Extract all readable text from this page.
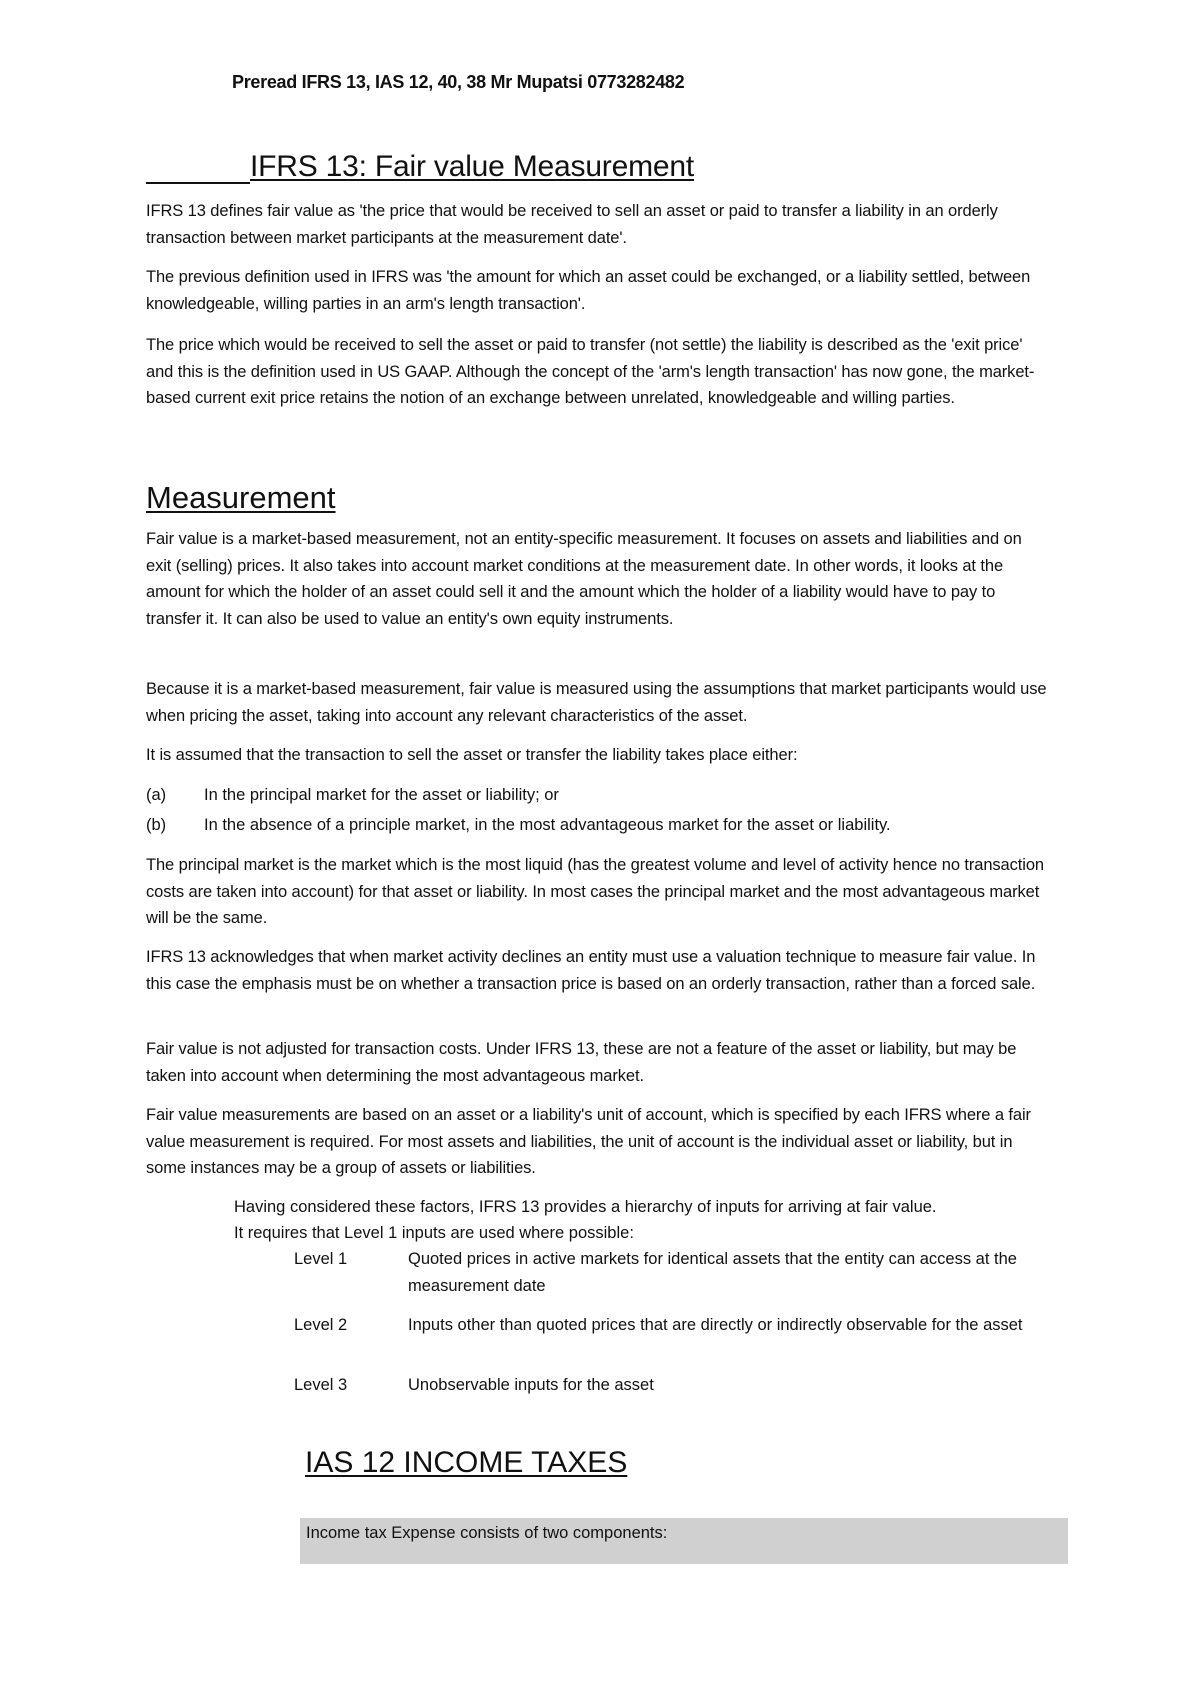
Preread IFRS 13, IAS 12, 40, 38 Mr Mupatsi 0773282482
IFRS 13: Fair value Measurement

IFRS 13 defines fair value as 'the price that would be received to sell an asset or paid to transfer a liability in an orderly transaction between market participants at the measurement date'.

The previous definition used in IFRS was 'the amount for which an asset could be exchanged, or a liability settled, between knowledgeable, willing parties in an arm's length transaction'.

The price which would be received to sell the asset or paid to transfer (not settle) the liability is described as the 'exit price' and this is the definition used in US GAAP. Although the concept of the 'arm's length transaction' has now gone, the market-based current exit price retains the notion of an exchange between unrelated, knowledgeable and willing parties.

Measurement

Fair value is a market-based measurement, not an entity-specific measurement. It focuses on assets and liabilities and on exit (selling) prices. It also takes into account market conditions at the measurement date. In other words, it looks at the amount for which the holder of an asset could sell it and the amount which the holder of a liability would have to pay to transfer it. It can also be used to value an entity's own equity instruments.

Because it is a market-based measurement, fair value is measured using the assumptions that market participants would use when pricing the asset, taking into account any relevant characteristics of the asset.

It is assumed that the transaction to sell the asset or transfer the liability takes place either:

(a) In the principal market for the asset or liability; or
(b) In the absence of a principle market, in the most advantageous market for the asset or liability.

The principal market is the market which is the most liquid (has the greatest volume and level of activity hence no transaction costs are taken into account) for that asset or liability. In most cases the principal market and the most advantageous market will be the same.

IFRS 13 acknowledges that when market activity declines an entity must use a valuation technique to measure fair value. In this case the emphasis must be on whether a transaction price is based on an orderly transaction, rather than a forced sale.

Fair value is not adjusted for transaction costs. Under IFRS 13, these are not a feature of the asset or liability, but may be taken into account when determining the most advantageous market.

Fair value measurements are based on an asset or a liability's unit of account, which is specified by each IFRS where a fair value measurement is required. For most assets and liabilities, the unit of account is the individual asset or liability, but in some instances may be a group of assets or liabilities.

Having considered these factors, IFRS 13 provides a hierarchy of inputs for arriving at fair value.
It requires that Level 1 inputs are used where possible:
Level 1	Quoted prices in active markets for identical assets that the entity can access at the measurement date
Level 2	Inputs other than quoted prices that are directly or indirectly observable for the asset
Level 3	Unobservable inputs for the asset
IAS 12 INCOME TAXES
Income tax Expense consists of two components:
